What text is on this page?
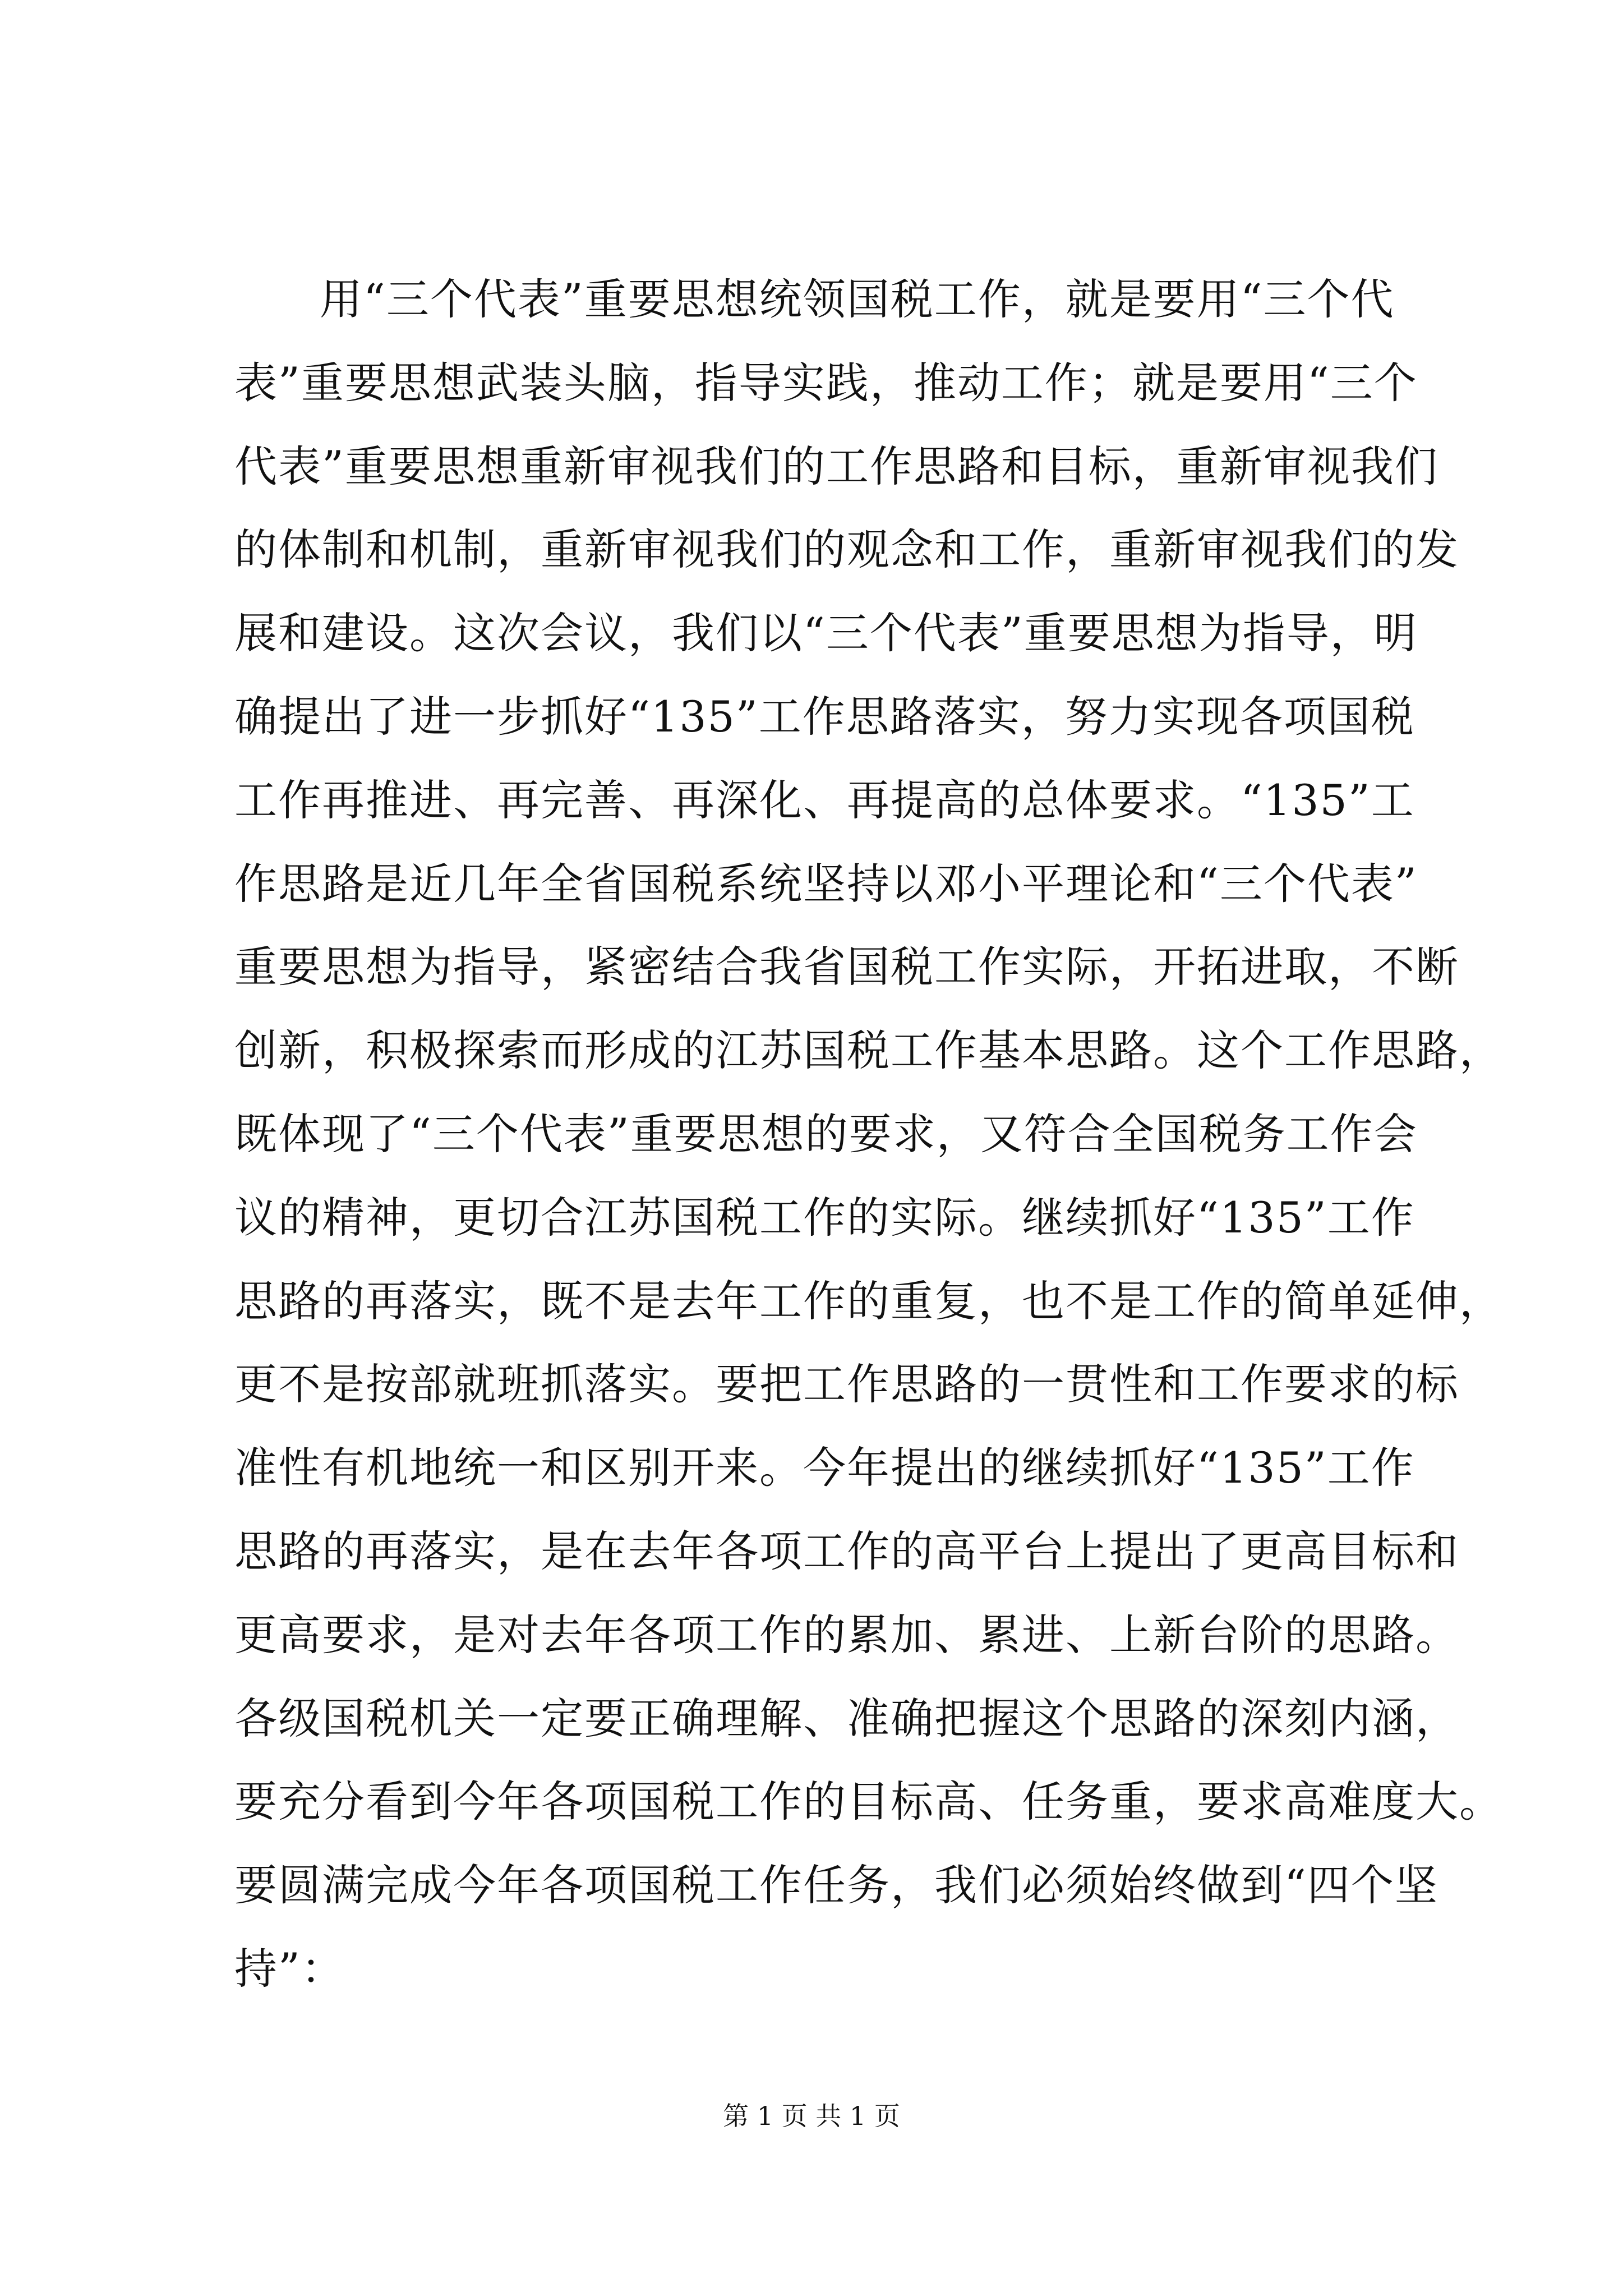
用“三个代表”重要思想统领国税工作，就是要用“三个代
表”重要思想武装头脑，指导实践，推动工作；就是要用“三个
代表”重要思想重新审视我们的工作思路和目标，重新审视我们
的体制和机制，重新审视我们的观念和工作，重新审视我们的发
展和建设。这次会议，我们以“三个代表”重要思想为指导，明
确提出了进一步抓好“135”工作思路落实，努力实现各项国税
工作再推进、再完善、再深化、再提高的总体要求。“135”工
作思路是近几年全省国税系统坚持以邓小平理论和“三个代表”
重要思想为指导，紧密结合我省国税工作实际，开拓进取，不断
创新，积极探索而形成的江苏国税工作基本思路。这个工作思路，
既体现了“三个代表”重要思想的要求，又符合全国税务工作会
议的精神，更切合江苏国税工作的实际。继续抓好“135”工作
思路的再落实，既不是去年工作的重复，也不是工作的简单延伸，
更不是按部就班抓落实。要把工作思路的一贯性和工作要求的标
准性有机地统一和区别开来。今年提出的继续抓好“135”工作
思路的再落实，是在去年各项工作的高平台上提出了更高目标和
更高要求，是对去年各项工作的累加、累进、上新台阶的思路。
各级国税机关一定要正确理解、准确把握这个思路的深刻内涵，
要充分看到今年各项国税工作的目标高、任务重，要求高难度大。
要圆满完成今年各项国税工作任务，我们必须始终做到“四个坚
持”：
第 1 页 共 1 页
